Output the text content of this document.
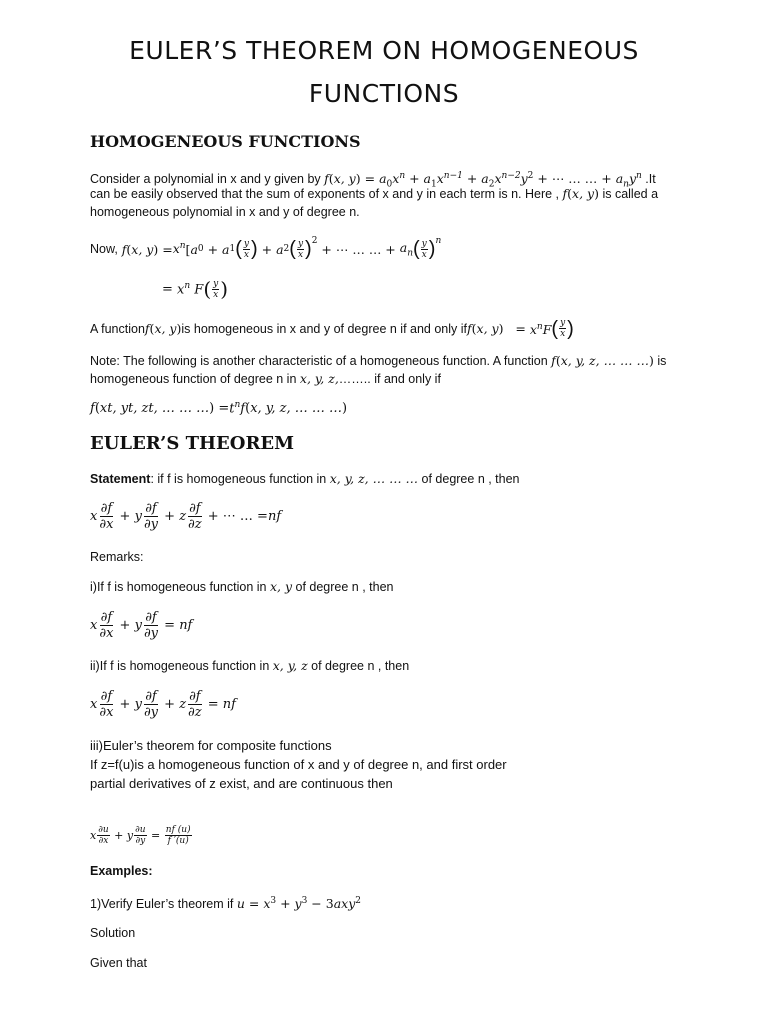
EULER’S THEOREM ON HOMOGENEOUS
FUNCTIONS
HOMOGENEOUS FUNCTIONS
Consider a polynomial in x and y given by f(x, $y) = a_0x^n + a_1x^{n-1} + a_2x^{n-2}y^2$ + ⋯ … … + $a_ny^n$ .It
can be easily observed that the sum of exponents of x and y in each term is n. Here , f(x, y) is called a
homogeneous polynomial in x and y of degree n.
Now, f ( x, y ) = $x^n$ [ a 0 + a 1 ( $\frac{y}{x}$ ) + a 2 ( $\frac{y}{x} )^2$
+ ⋯ … … + $a_n$ ( $\frac{y}{x} )^n$
= $x^n$ F ( $\frac{y}{x}$ )
A function f ( x, y ) is homogeneous in x and y of degree n if and only if f ( x, y ) = $x^nF$ ( $\frac{y}{x}$ )
Note: The following is another characteristic of a homogeneous function. A function f(x, y, z, … … …) is
homogeneous function of degree n in x, y, z,…….. if and only if
f ( xt, yt, zt, … … … ) = $t^nf$ ( x, y, z, … … … )
EULER’S THEOREM
Statement: if f is homogeneous function in x, y, z, … … … of degree n , then
x $\frac{\partial f}{\partial x} + y \frac{\partial f}{\partial y} + z \frac{\partial f}{\partial z}$ + ⋯ … = nf
Remarks:
i)If f is homogeneous function in x, y of degree n , then
x $\frac{\partial f}{\partial x} + y \frac{\partial f}{\partial y}$ = nf
ii)If f is homogeneous function in x, y, z of degree n , then
x $\frac{\partial f}{\partial x} + y \frac{\partial f}{\partial y} + z \frac{\partial f}{\partial z}$ = nf
iii)Euler’s theorem for composite functions
If z=f(u)is a homogeneous function of x and y of degree n, and first order
partial derivatives of z exist, and are continuous then
x $\frac{\partial u}{\partial x} + y \frac{\partial u}{\partial y} = \frac{nf (u)}{f '(u)}$
Examples:
1)Verify Euler’s theorem if $u = x^3 + y^3 - 3axy^2$
Solution
Given that
